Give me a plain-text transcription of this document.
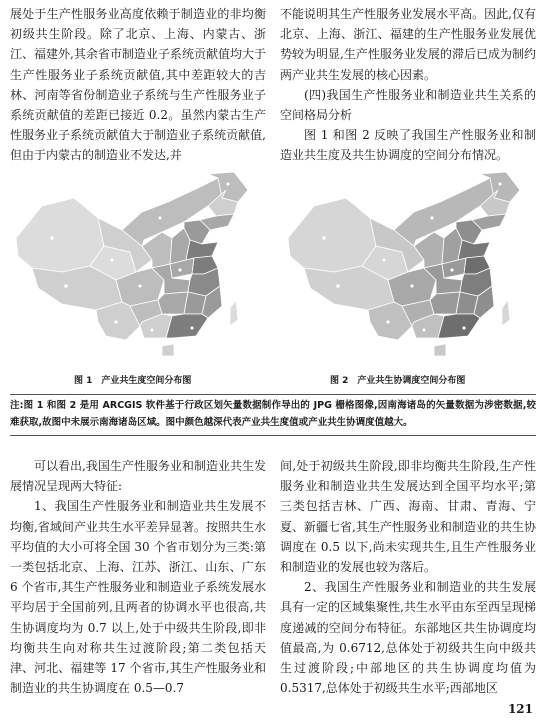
展处于生产性服务业高度依赖于制造业的非均衡初级共生阶段。除了北京、上海、内蒙古、浙江、福建外,其余省市制造业子系统贡献值均大于生产性服务业子系统贡献值,其中差距较大的吉林、河南等省份制造业子系统与生产性服务业子系统贡献值的差距已接近 0.2。虽然内蒙古生产性服务业子系统贡献值大于制造业子系统贡献值,但由于内蒙古的制造业不发达,并

不能说明其生产性服务业发展水平高。因此,仅有北京、上海、浙江、福建的生产性服务业发展优势较为明显,生产性服务业发展的滞后已成为制约两产业共生发展的核心因素。

(四)我国生产性服务业和制造业共生关系的空间格局分析

图 1 和图 2 反映了我国生产性服务业和制造业共生度及共生协调度的空间分布情况。

图 1　产业共生度空间分布图	图 2　产业共生协调度空间分布图
注:图 1 和图 2 是用 ARCGIS 软件基于行政区划矢量数据制作导出的 JPG 栅格图像,因南海诸岛的矢量数据为涉密数据,较难获取,故图中未展示南海诸岛区域。图中颜色越深代表产业共生度值或产业共生协调度值越大。

可以看出,我国生产性服务业和制造业共生发展情况呈现两大特征:

1、我国生产性服务业和制造业共生发展不均衡,省域间产业共生水平差异显著。按照共生水平均值的大小可将全国 30 个省市划分为三类:第一类包括北京、上海、江苏、浙江、山东、广东 6 个省市,其生产性服务业和制造业子系统发展水平均居于全国前列,且两者的协调水平也很高,共生协调度均为 0.7 以上,处于中级共生阶段,即非均衡共生向对称共生过渡阶段;第二类包括天津、河北、福建等 17 个省市,其生产性服务业和制造业的共生协调度在 0.5—0.7

间,处于初级共生阶段,即非均衡共生阶段,生产性服务业和制造业共生发展达到全国平均水平;第三类包括吉林、广西、海南、甘肃、青海、宁夏、新疆七省,其生产性服务业和制造业的共生协调度在 0.5 以下,尚未实现共生,且生产性服务业和制造业的发展也较为落后。

2、我国生产性服务业和制造业的共生发展具有一定的区域集聚性,共生水平由东至西呈现梯度递减的空间分布特征。东部地区共生协调度均值最高,为 0.6712,总体处于初级共生向中级共生过渡阶段;中部地区的共生协调度均值为 0.5317,总体处于初级共生水平;西部地区

121
